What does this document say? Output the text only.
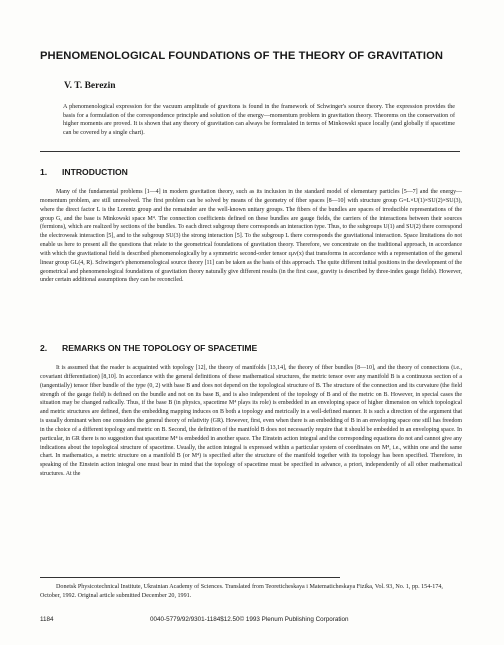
PHENOMENOLOGICAL FOUNDATIONS OF THE THEORY OF GRAVITATION
V. T. Berezin
A phenomenological expression for the vacuum amplitude of gravitons is found in the framework of Schwinger's source theory. The expression provides the basis for a formulation of the correspondence principle and solution of the energy—momentum problem in gravitation theory. Theorems on the conservation of higher moments are proved. It is shown that any theory of gravitation can always be formulated in terms of Minkowski space locally (and globally if spacetime can be covered by a single chart).
1. INTRODUCTION

Many of the fundamental problems [1—4] in modern gravitation theory, such as its inclusion in the standard model of elementary particles [5—7] and the energy—momentum problem, are still unresolved. The first problem can be solved by means of the geometry of fiber spaces [8—10] with structure group G=L×U(1)×SU(2)×SU(3), where the direct factor L is the Lorentz group and the remainder are the well-known unitary groups. The fibers of the bundles are spaces of irreducible representations of the group G, and the base is Minkowski space M⁴. The connection coefficients defined on these bundles are gauge fields, the carriers of the interactions between their sources (fermions), which are realized by sections of the bundles. To each direct subgroup there corresponds an interaction type. Thus, to the subgroups U(1) and SU(2) there correspond the electroweak interaction [5], and to the subgroup SU(3) the strong interaction [5]. To the subgroup L there corresponds the gravitational interaction. Space limitations do not enable us here to present all the questions that relate to the geometrical foundations of gravitation theory. Therefore, we concentrate on the traditional approach, in accordance with which the gravitational field is described phenomenologically by a symmetric second-order tensor εμν(x) that transforms in accordance with a representation of the general linear group GL(4, R). Schwinger's phenomenological source theory [11] can be taken as the basis of this approach. The quite different initial positions in the development of the geometrical and phenomenological foundations of gravitation theory naturally give different results (in the first case, gravity is described by three-index gauge fields). However, under certain additional assumptions they can be reconciled.

2. REMARKS ON THE TOPOLOGY OF SPACETIME

It is assumed that the reader is acquainted with topology [12], the theory of manifolds [13,14], the theory of fiber bundles [8—10], and the theory of connections (i.e., covariant differentiation) [8,10]. In accordance with the general definitions of these mathematical structures, the metric tensor over any manifold B is a continuous section of a (tangentially) tensor fiber bundle of the type (0, 2) with base B and does not depend on the topological structure of B. The structure of the connection and its curvature (the field strength of the gauge field) is defined on the bundle and not on its base B, and is also independent of the topology of B and of the metric on B. However, in special cases the situation may be changed radically. Thus, if the base B (in physics, spacetime M⁴ plays its role) is embedded in an enveloping space of higher dimension on which topological and metric structures are defined, then the embedding mapping induces on B both a topology and metrically in a well-defined manner. It is such a direction of the argument that is usually dominant when one considers the general theory of relativity (GR). However, first, even when there is an embedding of B in an enveloping space one still has freedom in the choice of a different topology and metric on B. Second, the definition of the manifold B does not necessarily require that it should be embedded in an enveloping space. In particular, in GR there is no suggestion that spacetime M⁴ is embedded in another space. The Einstein action integral and the corresponding equations do not and cannot give any indications about the topological structure of spacetime. Usually, the action integral is expressed within a particular system of coordinates on M⁴, i.e., within one and the same chart. In mathematics, a metric structure on a manifold B (or M⁴) is specified after the structure of the manifold together with its topology has been specified. Therefore, in speaking of the Einstein action integral one must bear in mind that the topology of spacetime must be specified in advance, a priori, independently of all other mathematical structures. At the

Donetsk Physicotechnical Institute, Ukrainian Academy of Sciences. Translated from Teoreticheskaya i Matematicheskaya Fizika, Vol. 93, No. 1, pp. 154-174, October, 1992. Original article submitted December 20, 1991.
1184	0040-5779/92/9301-1184$12.50© 1993 Plenum Publishing Corporation
